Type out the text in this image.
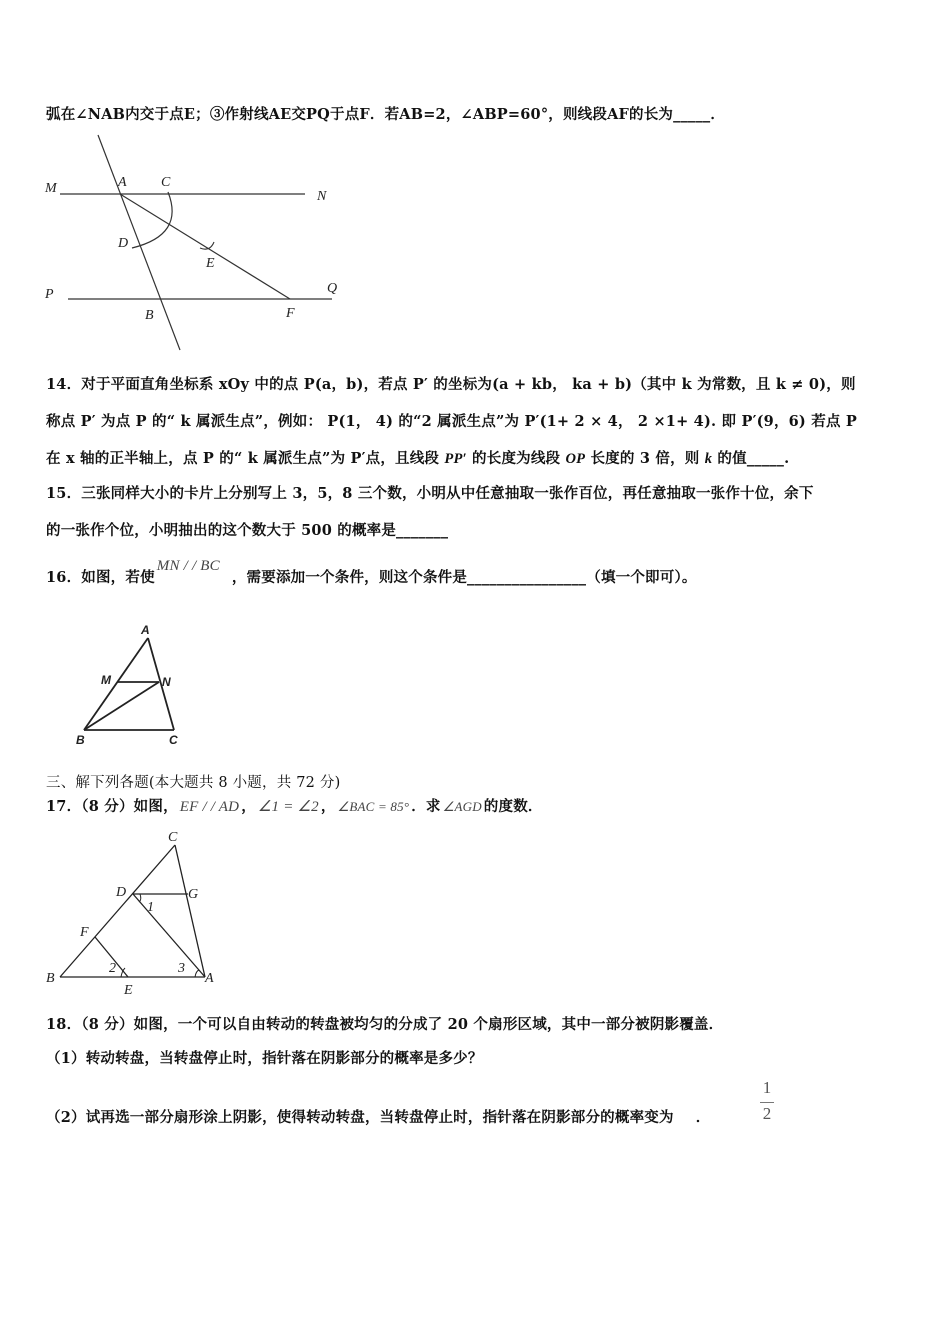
弧在∠NAB内交于点E；③作射线AE交PQ于点F．若AB=2，∠ABP=60°，则线段AF的长为_____．
M	A C
N
D
E
P	Q
B	F
14．对于平面直角坐标系 xOy 中的点 P(a，b)，若点 P′ 的坐标为(a + kb， ka + b)（其中 k 为常数，且 k ≠ 0)，则
称点 P′ 为点 P 的“ k 属派生点”，例如： P(1， 4) 的“2 属派生点”为 P′(1+ 2 × 4， 2 ×1+ 4). 即 P′(9，6) 若点 P
在 x 轴的正半轴上，点 P 的“ k 属派生点”为 P′点，且线段 PP′ 的长度为线段 OP 长度的 3 倍，则 k 的值_____.
15．三张同样大小的卡片上分别写上 3，5，8 三个数，小明从中任意抽取一张作百位，再任意抽取一张作十位，余下
的一张作个位，小明抽出的这个数大于 500 的概率是_______
16．如图，若使MN / / BC，需要添加一个条件，则这个条件是________________（填一个即可）。
A
M	N
B	C
三、解下列各题(本大题共 8 小题，共 72 分)
17．（8 分）如图， EF / / AD ， ∠1 = ∠2 ， ∠BAC = 85° ．求 ∠AGD 的度数．
C
D	G
1
F
B
2	3
A
E
18．（8 分）如图，一个可以自由转动的转盘被均匀的分成了 20 个扇形区域，其中一部分被阴影覆盖．
（1）转动转盘，当转盘停止时，指针落在阴影部分的概率是多少？
（2）试再选一部分扇形涂上阴影，使得转动转盘，当转盘停止时，指针落在阴影部分的概率变为 ．
1
2
